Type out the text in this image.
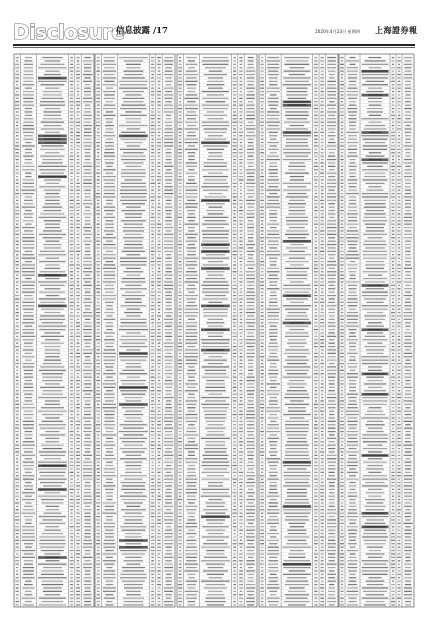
Disclosure
信息披露 /17	2020年4月23日 星期四 上海證券報
